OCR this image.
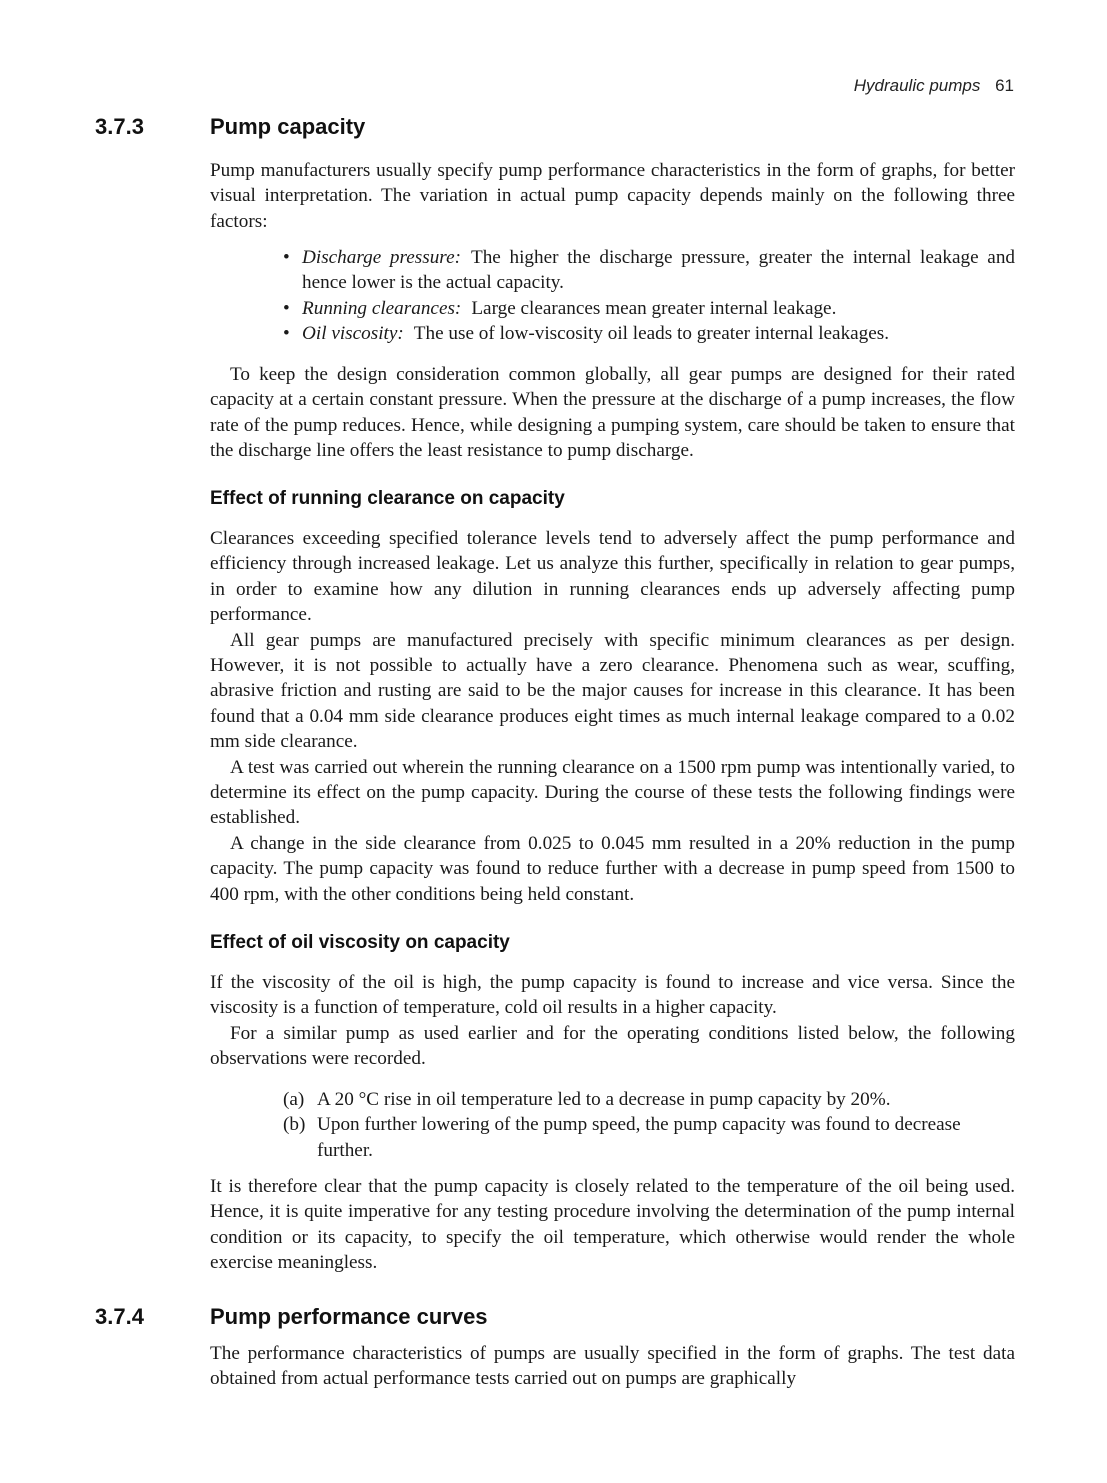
Hydraulic pumps 61
3.7.3	Pump capacity

Pump manufacturers usually specify pump performance characteristics in the form of graphs, for better visual interpretation. The variation in actual pump capacity depends mainly on the following three factors:

• Discharge pressure: The higher the discharge pressure, greater the internal leakage and hence lower is the actual capacity.
• Running clearances: Large clearances mean greater internal leakage.
• Oil viscosity: The use of low-viscosity oil leads to greater internal leakages.

To keep the design consideration common globally, all gear pumps are designed for their rated capacity at a certain constant pressure. When the pressure at the discharge of a pump increases, the flow rate of the pump reduces. Hence, while designing a pumping system, care should be taken to ensure that the discharge line offers the least resistance to pump discharge.

Effect of running clearance on capacity

Clearances exceeding specified tolerance levels tend to adversely affect the pump performance and efficiency through increased leakage. Let us analyze this further, specifically in relation to gear pumps, in order to examine how any dilution in running clearances ends up adversely affecting pump performance.

All gear pumps are manufactured precisely with specific minimum clearances as per design. However, it is not possible to actually have a zero clearance. Phenomena such as wear, scuffing, abrasive friction and rusting are said to be the major causes for increase in this clearance. It has been found that a 0.04 mm side clearance produces eight times as much internal leakage compared to a 0.02 mm side clearance.

A test was carried out wherein the running clearance on a 1500 rpm pump was intentionally varied, to determine its effect on the pump capacity. During the course of these tests the following findings were established.

A change in the side clearance from 0.025 to 0.045 mm resulted in a 20% reduction in the pump capacity. The pump capacity was found to reduce further with a decrease in pump speed from 1500 to 400 rpm, with the other conditions being held constant.

Effect of oil viscosity on capacity

If the viscosity of the oil is high, the pump capacity is found to increase and vice versa. Since the viscosity is a function of temperature, cold oil results in a higher capacity.

For a similar pump as used earlier and for the operating conditions listed below, the following observations were recorded.

(a) A 20 °C rise in oil temperature led to a decrease in pump capacity by 20%.
(b) Upon further lowering of the pump speed, the pump capacity was found to decrease further.

It is therefore clear that the pump capacity is closely related to the temperature of the oil being used. Hence, it is quite imperative for any testing procedure involving the determination of the pump internal condition or its capacity, to specify the oil temperature, which otherwise would render the whole exercise meaningless.

3.7.4	Pump performance curves

The performance characteristics of pumps are usually specified in the form of graphs. The test data obtained from actual performance tests carried out on pumps are graphically
